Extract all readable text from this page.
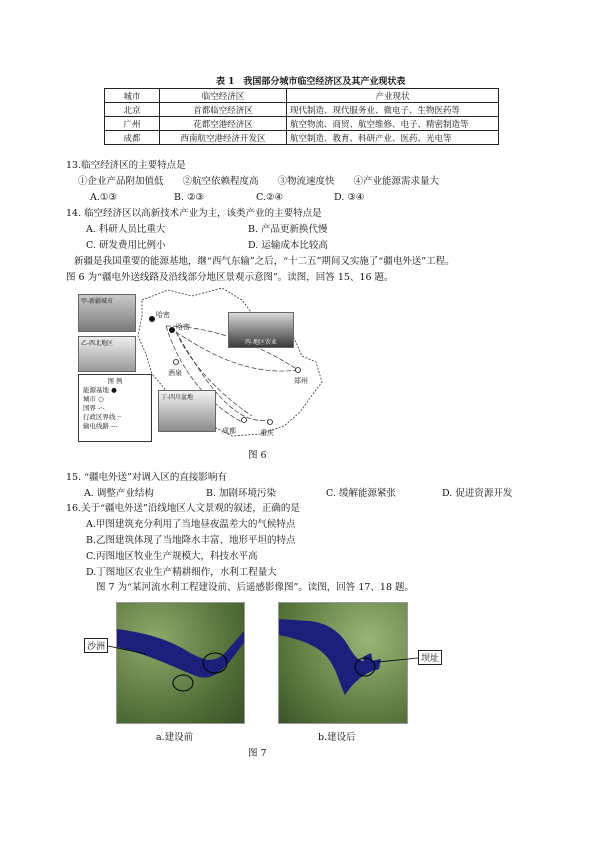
表 1　我国部分城市临空经济区及其产业现状表
城市	临空经济区	产业现状
北京	首都临空经济区	现代制造、现代服务业、微电子、生物医药等
广州	花都空港经济区	航空物流、商贸、航空维修、电子、精密制造等
成都	西南航空港经济开发区	航空制造、教育、科研产业、医药、光电等
13.临空经济区的主要特点是
①企业产品附加值低　　②航空依赖程度高　　③物流速度快　　④产业能源需求量大
A.①③	B. ②③	C.②④	D. ③④
14. 临空经济区以高新技术产业为主，该类产业的主要特点是
A. 科研人员比重大	B. 产品更新换代慢
C. 研发费用比例小	D. 运输成本比较高
新疆是我国重要的能源基地，继“西气东输”之后，“十二五”期间又实施了“疆电外送”工程。
图 6 为“疆电外送线路及沿线部分地区景观示意图”。读图，回答 15、16 题。
哈密
哈密
酒泉
郑州
成都	重庆
甲-新疆城市
乙-西北地区	丙-地区农业
丁-四川盆地
图 例
能源基地 ●
城市 ○
国界 ‑·‑
行政区界线 ┈
输电线路 ‐‐‐
图 6
15. “疆电外送”对调入区的直接影响有
A. 调整产业结构	B. 加剧环境污染	C. 缓解能源紧张	D. 促进资源开发
16.关于“疆电外送”沿线地区人文景观的叙述，正确的是
A.甲图建筑充分利用了当地昼夜温差大的气候特点
B.乙图建筑体现了当地降水丰富、地形平坦的特点
C.丙图地区牧业生产规模大，科技水平高
D.丁图地区农业生产精耕细作，水利工程量大
图 7 为“某河流水利工程建设前、后遥感影像图”。读图，回答 17、18 题。
沙洲
a.建设前
坝址
b.建设后
图 7
